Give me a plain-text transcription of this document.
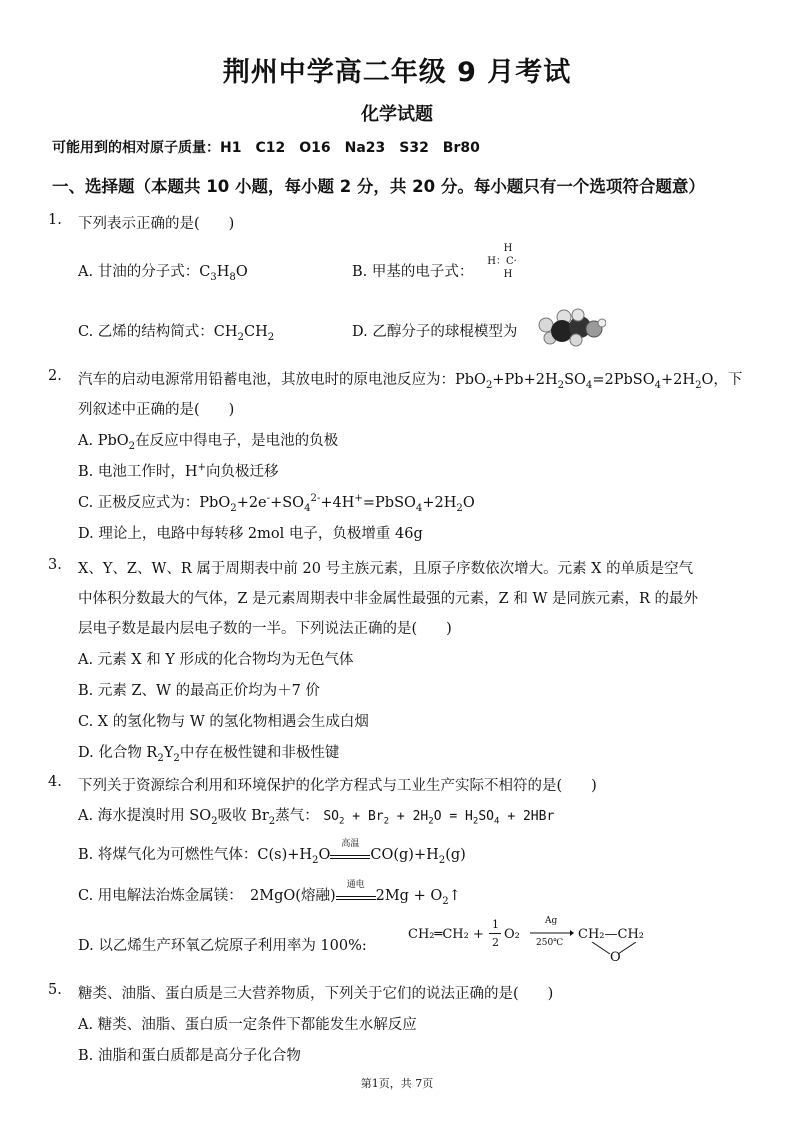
荆州中学高二年级 9 月考试
化学试题
可能用到的相对原子质量：H1　C12　O16　Na23　S32　Br80
一、选择题（本题共 10 小题，每小题 2 分，共 20 分。每小题只有一个选项符合题意）
1. 下列表示正确的是(　　)
A. 甘油的分子式：$C_3H_8O$	B. 甲基的电子式：
H
H：C·
H
C. 乙烯的结构简式：$CH_2CH_2$	D. 乙醇分子的球棍模型为
2. 汽车的启动电源常用铅蓄电池，其放电时的原电池反应为：$PbO_2+Pb+2H_2SO_4=2PbSO_4+2H_2O$，下
列叙述中正确的是(　　)
A. PbO$_2$在反应中得电子，是电池的负极
B. 电池工作时，H+向负极迁移
C. 正极反应式为：$PbO_2+2e^-+SO_4^{2-}+4H^+=PbSO_4+2H_2O$
D. 理论上，电路中每转移 2mol 电子，负极增重 46g
3. X、Y、Z、W、R 属于周期表中前 20 号主族元素，且原子序数依次增大。元素 X 的单质是空气
中体积分数最大的气体，Z 是元素周期表中非金属性最强的元素，Z 和 W 是同族元素，R 的最外
层电子数是最内层电子数的一半。下列说法正确的是(　　)
A. 元素 X 和 Y 形成的化合物均为无色气体
B. 元素 Z、W 的最高正价均为＋7 价
C. X 的氢化物与 W 的氢化物相遇会生成白烟
D. 化合物 $R_2Y_2$中存在极性键和非极性键
4. 下列关于资源综合利用和环境保护的化学方程式与工业生产实际不相符的是(　　)
A. 海水提溴时用 $SO_2$吸收 $Br_2$蒸气： $SO_2 + Br_2 + 2H_2O = H_2SO_4 + 2HBr$
B. 将煤气化为可燃性气体：$C(s)+H_2O$
高温
$CO(g)+H_2(g)$
C. 用电解法治炼金属镁：　2MgO(熔融)
通电
$2Mg + O_2↑$
D. 以乙烯生产环氧乙烷原子利用率为 100%:
CH₂═CH₂ +
1
2
O₂
Ag
250℃
CH₂—CH₂
O
5. 糖类、油脂、蛋白质是三大营养物质，下列关于它们的说法正确的是(　　)
A. 糖类、油脂、蛋白质一定条件下都能发生水解反应
B. 油脂和蛋白质都是高分子化合物
第1页，共 7页
